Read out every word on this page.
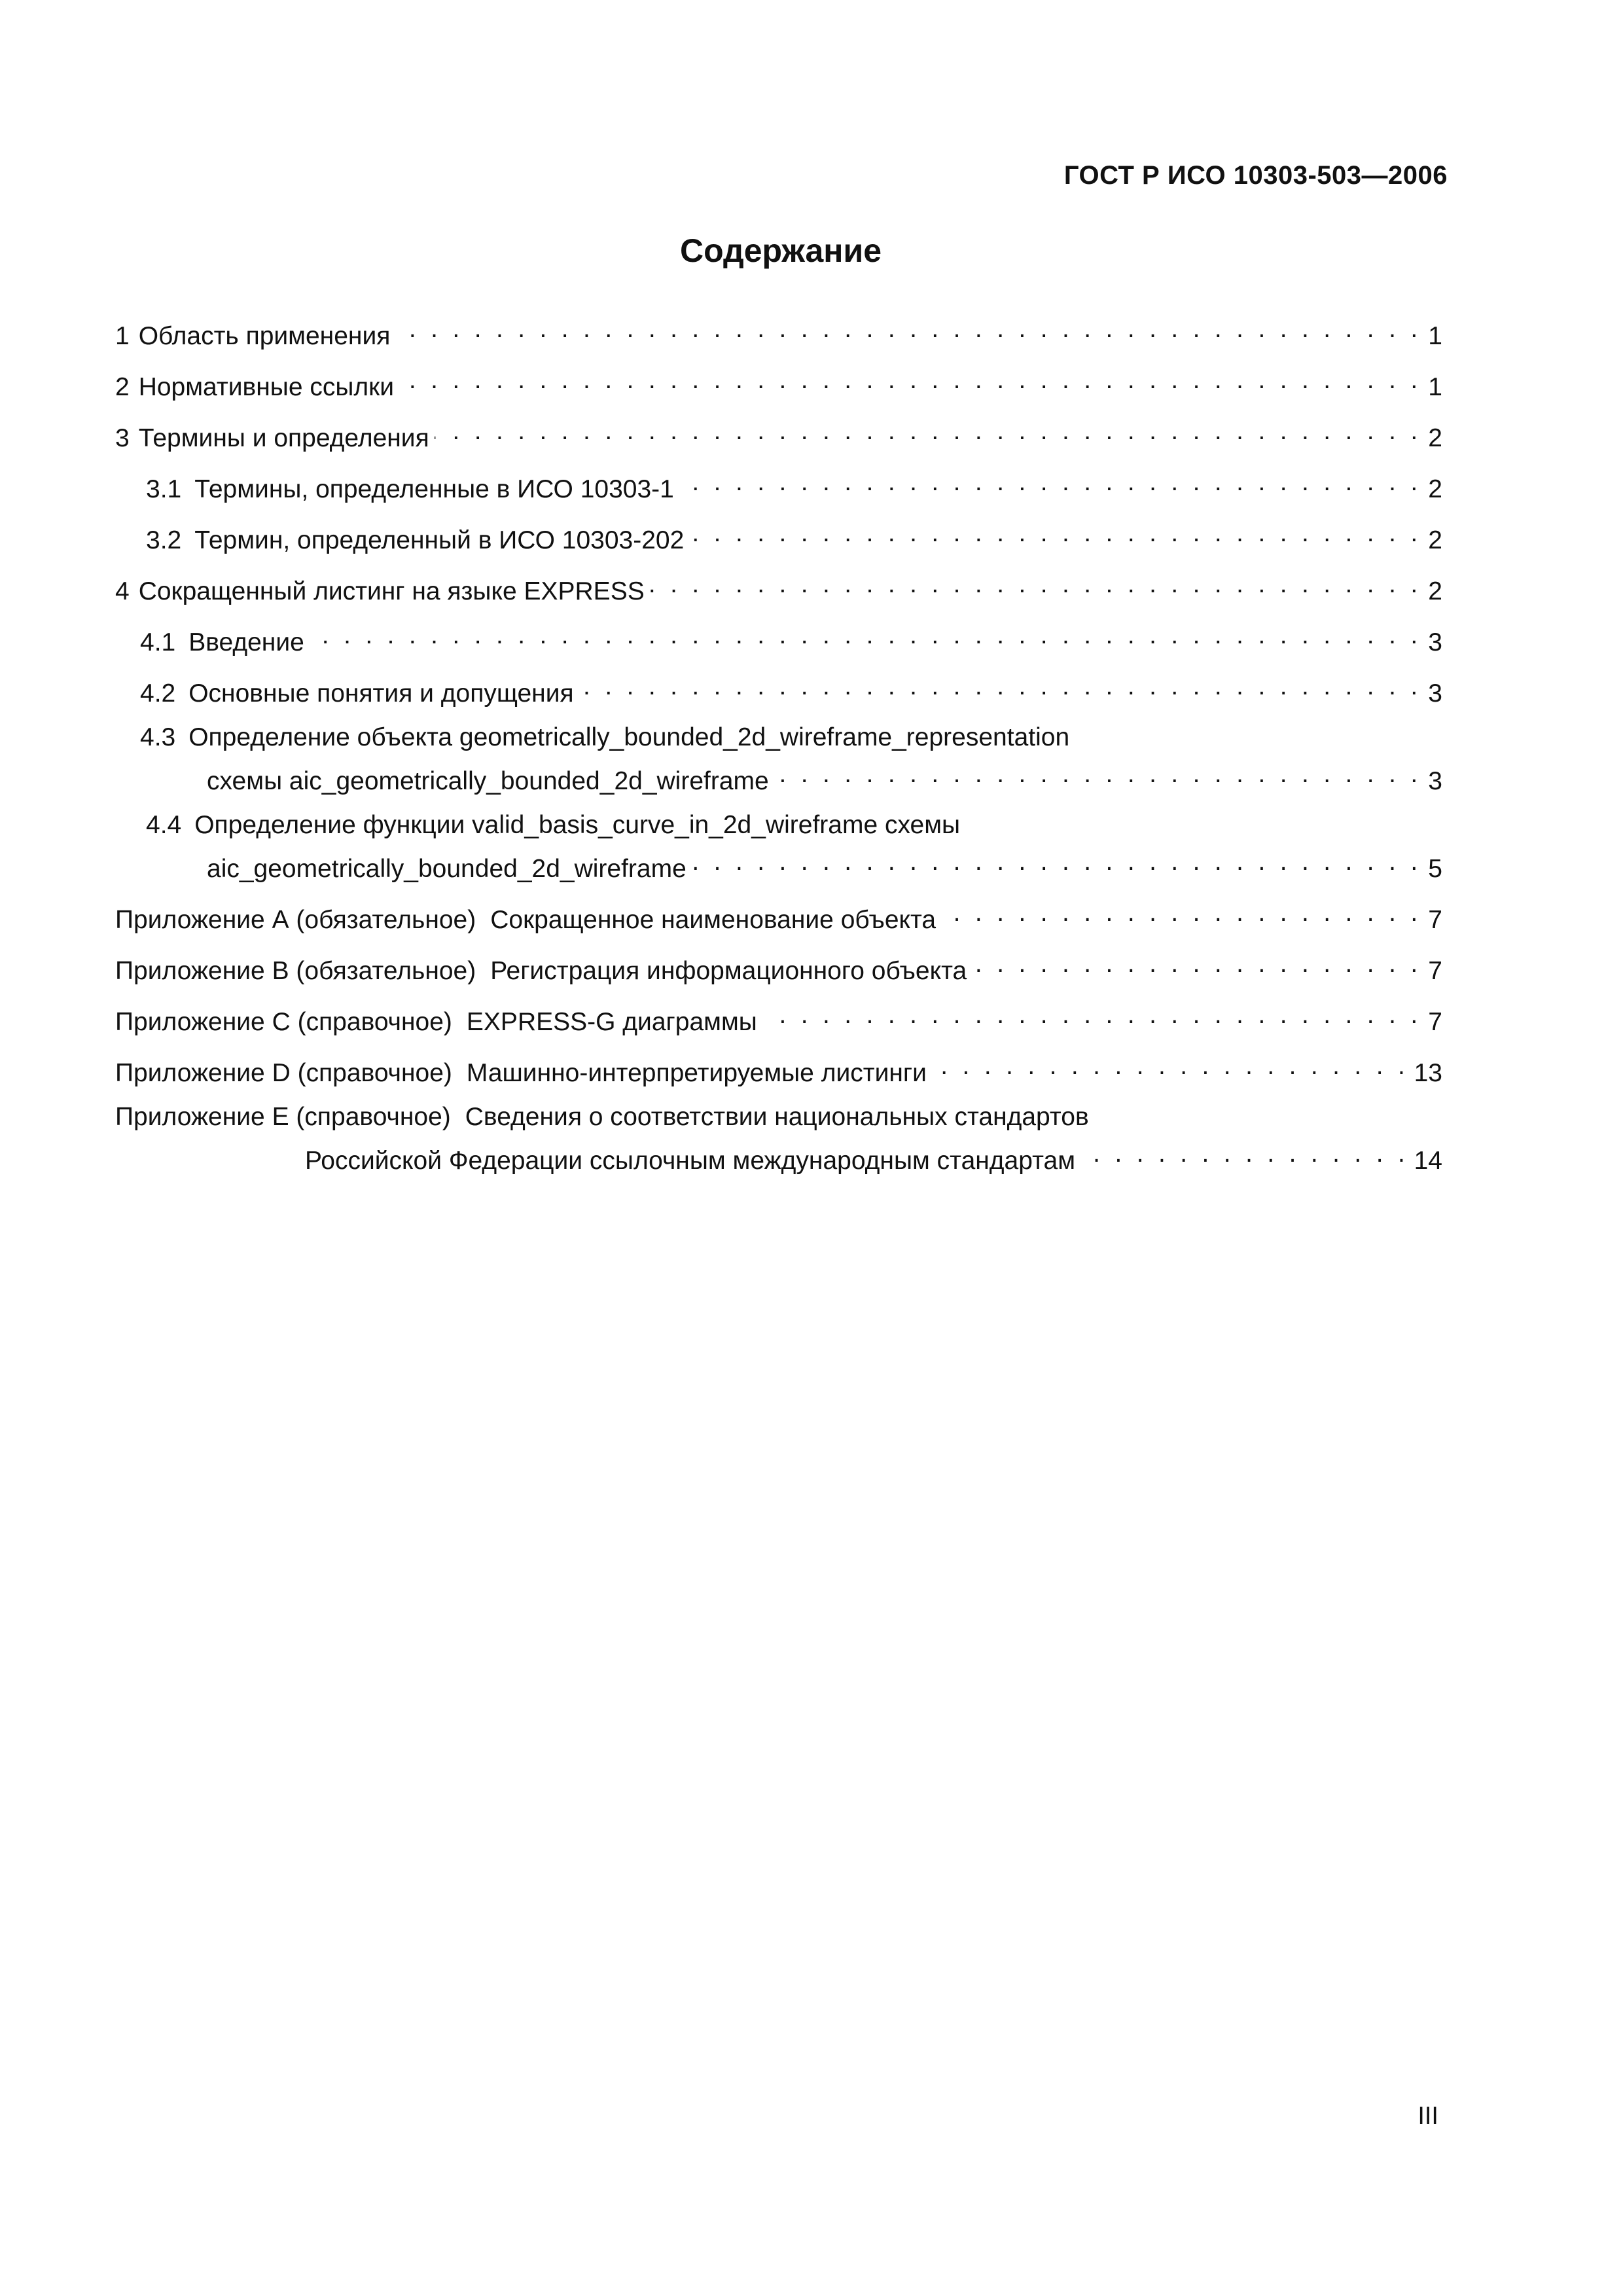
ГОСТ Р ИСО 10303-503—2006
Содержание
1 Область применения . . .	1
2 Нормативные ссылки . . .	1
3 Термины и определения . . .	2
3.1 Термины, определенные в ИСО 10303-1 . . .	2
3.2 Термин, определенный в ИСО 10303-202 . . .	2
4 Сокращенный листинг на языке EXPRESS . . .	2
4.1 Введение . . .	3
4.2 Основные понятия и допущения . . .	3
4.3 Определение объекта geometrically_bounded_2d_wireframe_representation
схемы aic_geometrically_bounded_2d_wireframe . . .	3
4.4 Определение функции valid_basis_curve_in_2d_wireframe схемы
aic_geometrically_bounded_2d_wireframe . . .	5
Приложение А (обязательное) Сокращенное наименование объекта . . .	7
Приложение В (обязательное) Регистрация информационного объекта . . .	7
Приложение С (справочное) EXPRESS-G диаграммы . . .	7
Приложение D (справочное) Машинно-интерпретируемые листинги . . .	13
Приложение Е (справочное) Сведения о соответствии национальных стандартов
Российской Федерации ссылочным международным стандартам . . .	14
III
